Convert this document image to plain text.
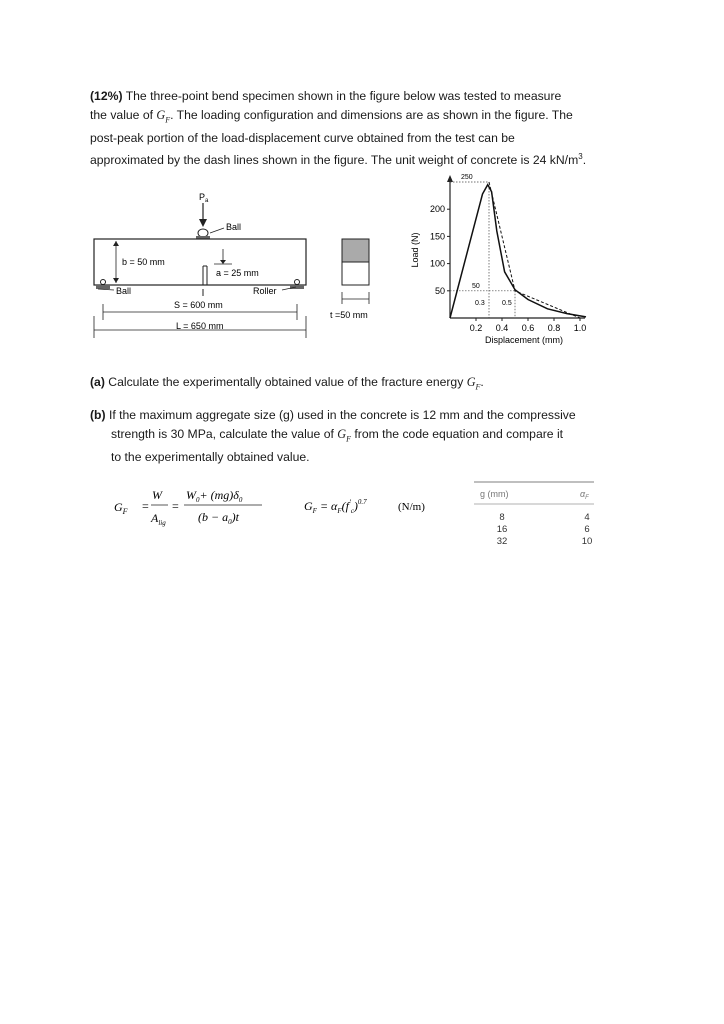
(12%) The three-point bend specimen shown in the figure below was tested to measure
the value of $G_F$. The loading configuration and dimensions are as shown in the figure. The
post-peak portion of the load-displacement curve obtained from the test can be
approximated by the dash lines shown in the figure. The unit weight of concrete is 24 $kN/m^3$.
$P_a$
Ball
a = 25 mm
b = 50 mm
Ball	Roller
S = 600 mm
L = 650 mm
t =50 mm
Load (N)
Displacement (mm)
50
100
150
200
0.2 0.4 0.6 0.8 1.0
250
50
0.3 0.5
(a) Calculate the experimentally obtained value of the fracture energy $G_F$.
(b) If the maximum aggregate size (g) used in the concrete is 12 mm and the compressive
strength is 30 MPa, calculate the value of $G_F$ from the code equation and compare it
to the experimentally obtained value.
$G_F$ =
W
$A_{lig}$
=
$W_0+ (mg)\delta_0$
$(b - a_0)t$
$G_F = \alpha_F(f'_c)^{0.7}$	(N/m)
g (mm)	$\alpha_F$
8	4
16	6
32	10
